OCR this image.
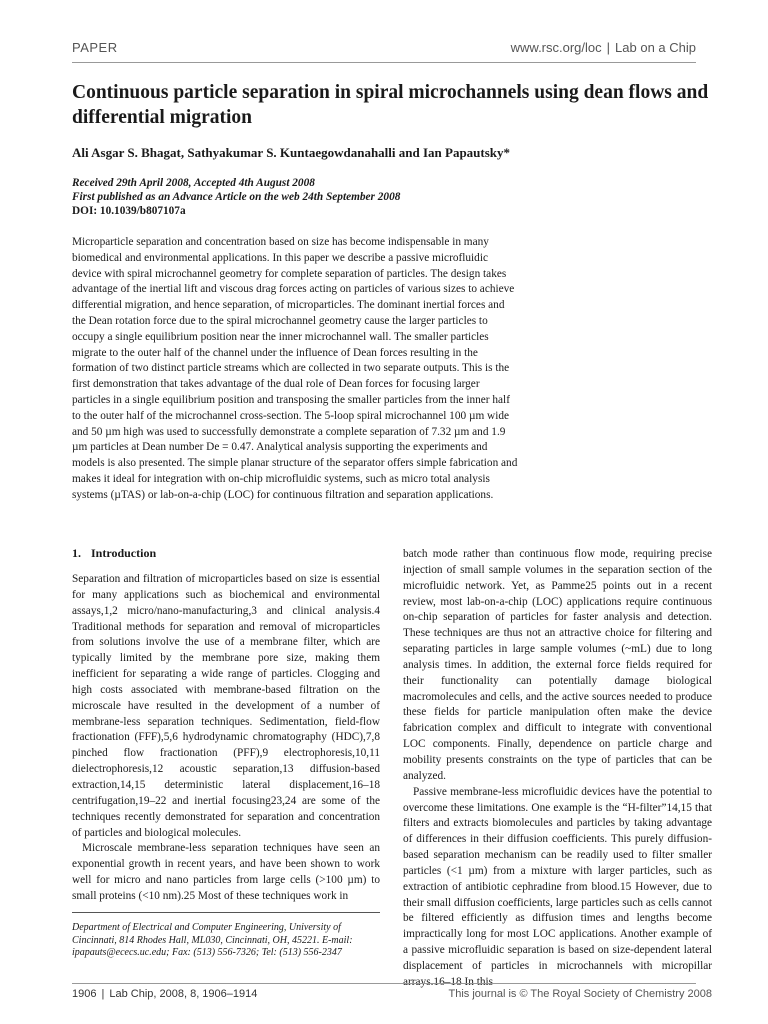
PAPER	www.rsc.org/loc | Lab on a Chip
Continuous particle separation in spiral microchannels using dean flows and differential migration

Ali Asgar S. Bhagat, Sathyakumar S. Kuntaegowdanahalli and Ian Papautsky*

Received 29th April 2008, Accepted 4th August 2008
First published as an Advance Article on the web 24th September 2008
DOI: 10.1039/b807107a

Microparticle separation and concentration based on size has become indispensable in many biomedical and environmental applications. In this paper we describe a passive microfluidic device with spiral microchannel geometry for complete separation of particles. The design takes advantage of the inertial lift and viscous drag forces acting on particles of various sizes to achieve differential migration, and hence separation, of microparticles. The dominant inertial forces and the Dean rotation force due to the spiral microchannel geometry cause the larger particles to occupy a single equilibrium position near the inner microchannel wall. The smaller particles migrate to the outer half of the channel under the influence of Dean forces resulting in the formation of two distinct particle streams which are collected in two separate outputs. This is the first demonstration that takes advantage of the dual role of Dean forces for focusing larger particles in a single equilibrium position and transposing the smaller particles from the inner half to the outer half of the microchannel cross-section. The 5-loop spiral microchannel 100 µm wide and 50 µm high was used to successfully demonstrate a complete separation of 7.32 µm and 1.9 µm particles at Dean number De = 0.47. Analytical analysis supporting the experiments and models is also presented. The simple planar structure of the separator offers simple fabrication and makes it ideal for integration with on-chip microfluidic systems, such as micro total analysis systems (µTAS) or lab-on-a-chip (LOC) for continuous filtration and separation applications.

1. Introduction

Separation and filtration of microparticles based on size is essential for many applications such as biochemical and environmental assays,1,2 micro/nano-manufacturing,3 and clinical analysis.4 Traditional methods for separation and removal of microparticles from solutions involve the use of a membrane filter, which are typically limited by the membrane pore size, making them inefficient for separating a wide range of particles. Clogging and high costs associated with membrane-based filtration on the microscale have resulted in the development of a number of membrane-less separation techniques. Sedimentation, field-flow fractionation (FFF),5,6 hydrodynamic chromatography (HDC),7,8 pinched flow fractionation (PFF),9 electrophoresis,10,11 dielectrophoresis,12 acoustic separation,13 diffusion-based extraction,14,15 deterministic lateral displacement,16–18 centrifugation,19–22 and inertial focusing23,24 are some of the techniques recently demonstrated for separation and concentration of particles and biological molecules.

Microscale membrane-less separation techniques have seen an exponential growth in recent years, and have been shown to work well for micro and nano particles from large cells (>100 µm) to small proteins (<10 nm).25 Most of these techniques work in

batch mode rather than continuous flow mode, requiring precise injection of small sample volumes in the separation section of the microfluidic network. Yet, as Pamme25 points out in a recent review, most lab-on-a-chip (LOC) applications require continuous on-chip separation of particles for faster analysis and detection. These techniques are thus not an attractive choice for filtering and separating particles in large sample volumes (~mL) due to long analysis times. In addition, the external force fields required for their functionality can potentially damage biological macromolecules and cells, and the active sources needed to produce these fields for particle manipulation often make the device fabrication complex and difficult to integrate with conventional LOC components. Finally, dependence on particle charge and mobility presents constraints on the type of particles that can be analyzed.

Passive membrane-less microfluidic devices have the potential to overcome these limitations. One example is the “H-filter”14,15 that filters and extracts biomolecules and particles by taking advantage of differences in their diffusion coefficients. This purely diffusion-based separation mechanism can be readily used to filter smaller particles (<1 µm) from a mixture with larger particles, such as extraction of antibiotic cephradine from blood.15 However, due to their small diffusion coefficients, large particles such as cells cannot be filtered efficiently as diffusion times and lengths become impractically long for most LOC applications. Another example of a passive microfluidic separation is based on size-dependent lateral displacement of particles in microchannels with micropillar arrays.16–18 In this

Department of Electrical and Computer Engineering, University of Cincinnati, 814 Rhodes Hall, ML030, Cincinnati, OH, 45221. E-mail: ipapauts@ececs.uc.edu; Fax: (513) 556-7326; Tel: (513) 556-2347

1906 | Lab Chip, 2008, 8, 1906–1914	This journal is © The Royal Society of Chemistry 2008
